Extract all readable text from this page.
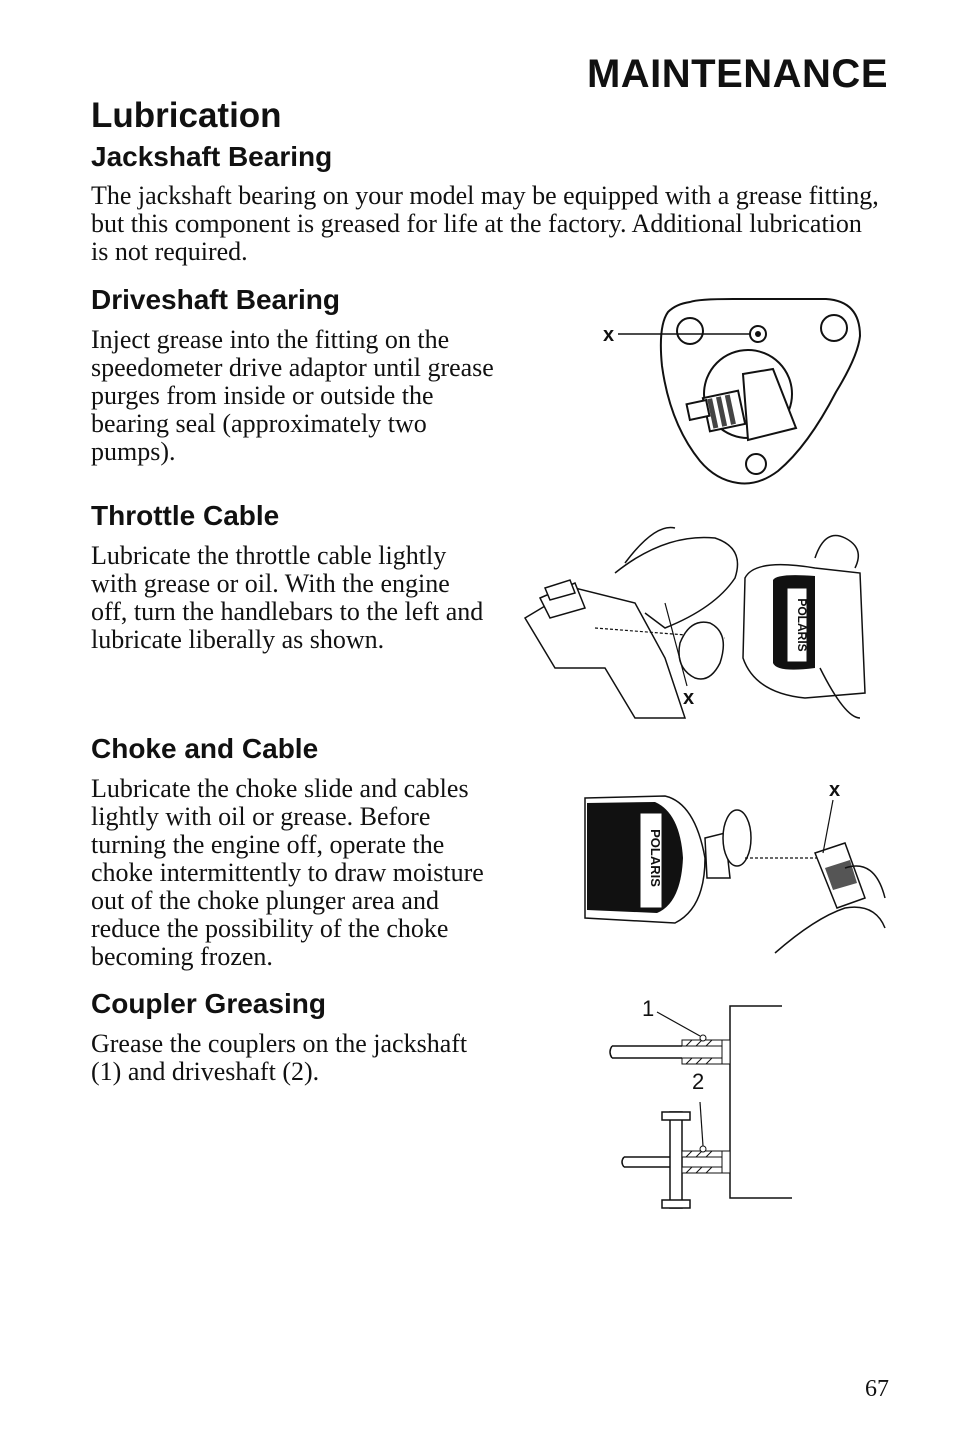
MAINTENANCE
Lubrication
Jackshaft Bearing
The jackshaft bearing on your model may be equipped with a grease fitting, but this component is greased for life at the factory. Additional lubrication is not required.
Driveshaft Bearing
Inject grease into the fitting on the speedometer drive adaptor until grease purges from inside or outside the bearing seal (approximately two pumps).
Throttle Cable
Lubricate the throttle cable lightly with grease or oil. With the engine off, turn the handlebars to the left and lubricate liberally as shown.
Choke and Cable
Lubricate the choke slide and cables lightly with oil or grease. Before turning the engine off, operate the choke intermittently to draw moisture out of the choke plunger area and reduce the possibility of the choke becoming frozen.
Coupler Greasing
Grease the couplers on the jackshaft (1) and driveshaft (2).
x
POLARIS
x
POLARIS
x
1
2
67
